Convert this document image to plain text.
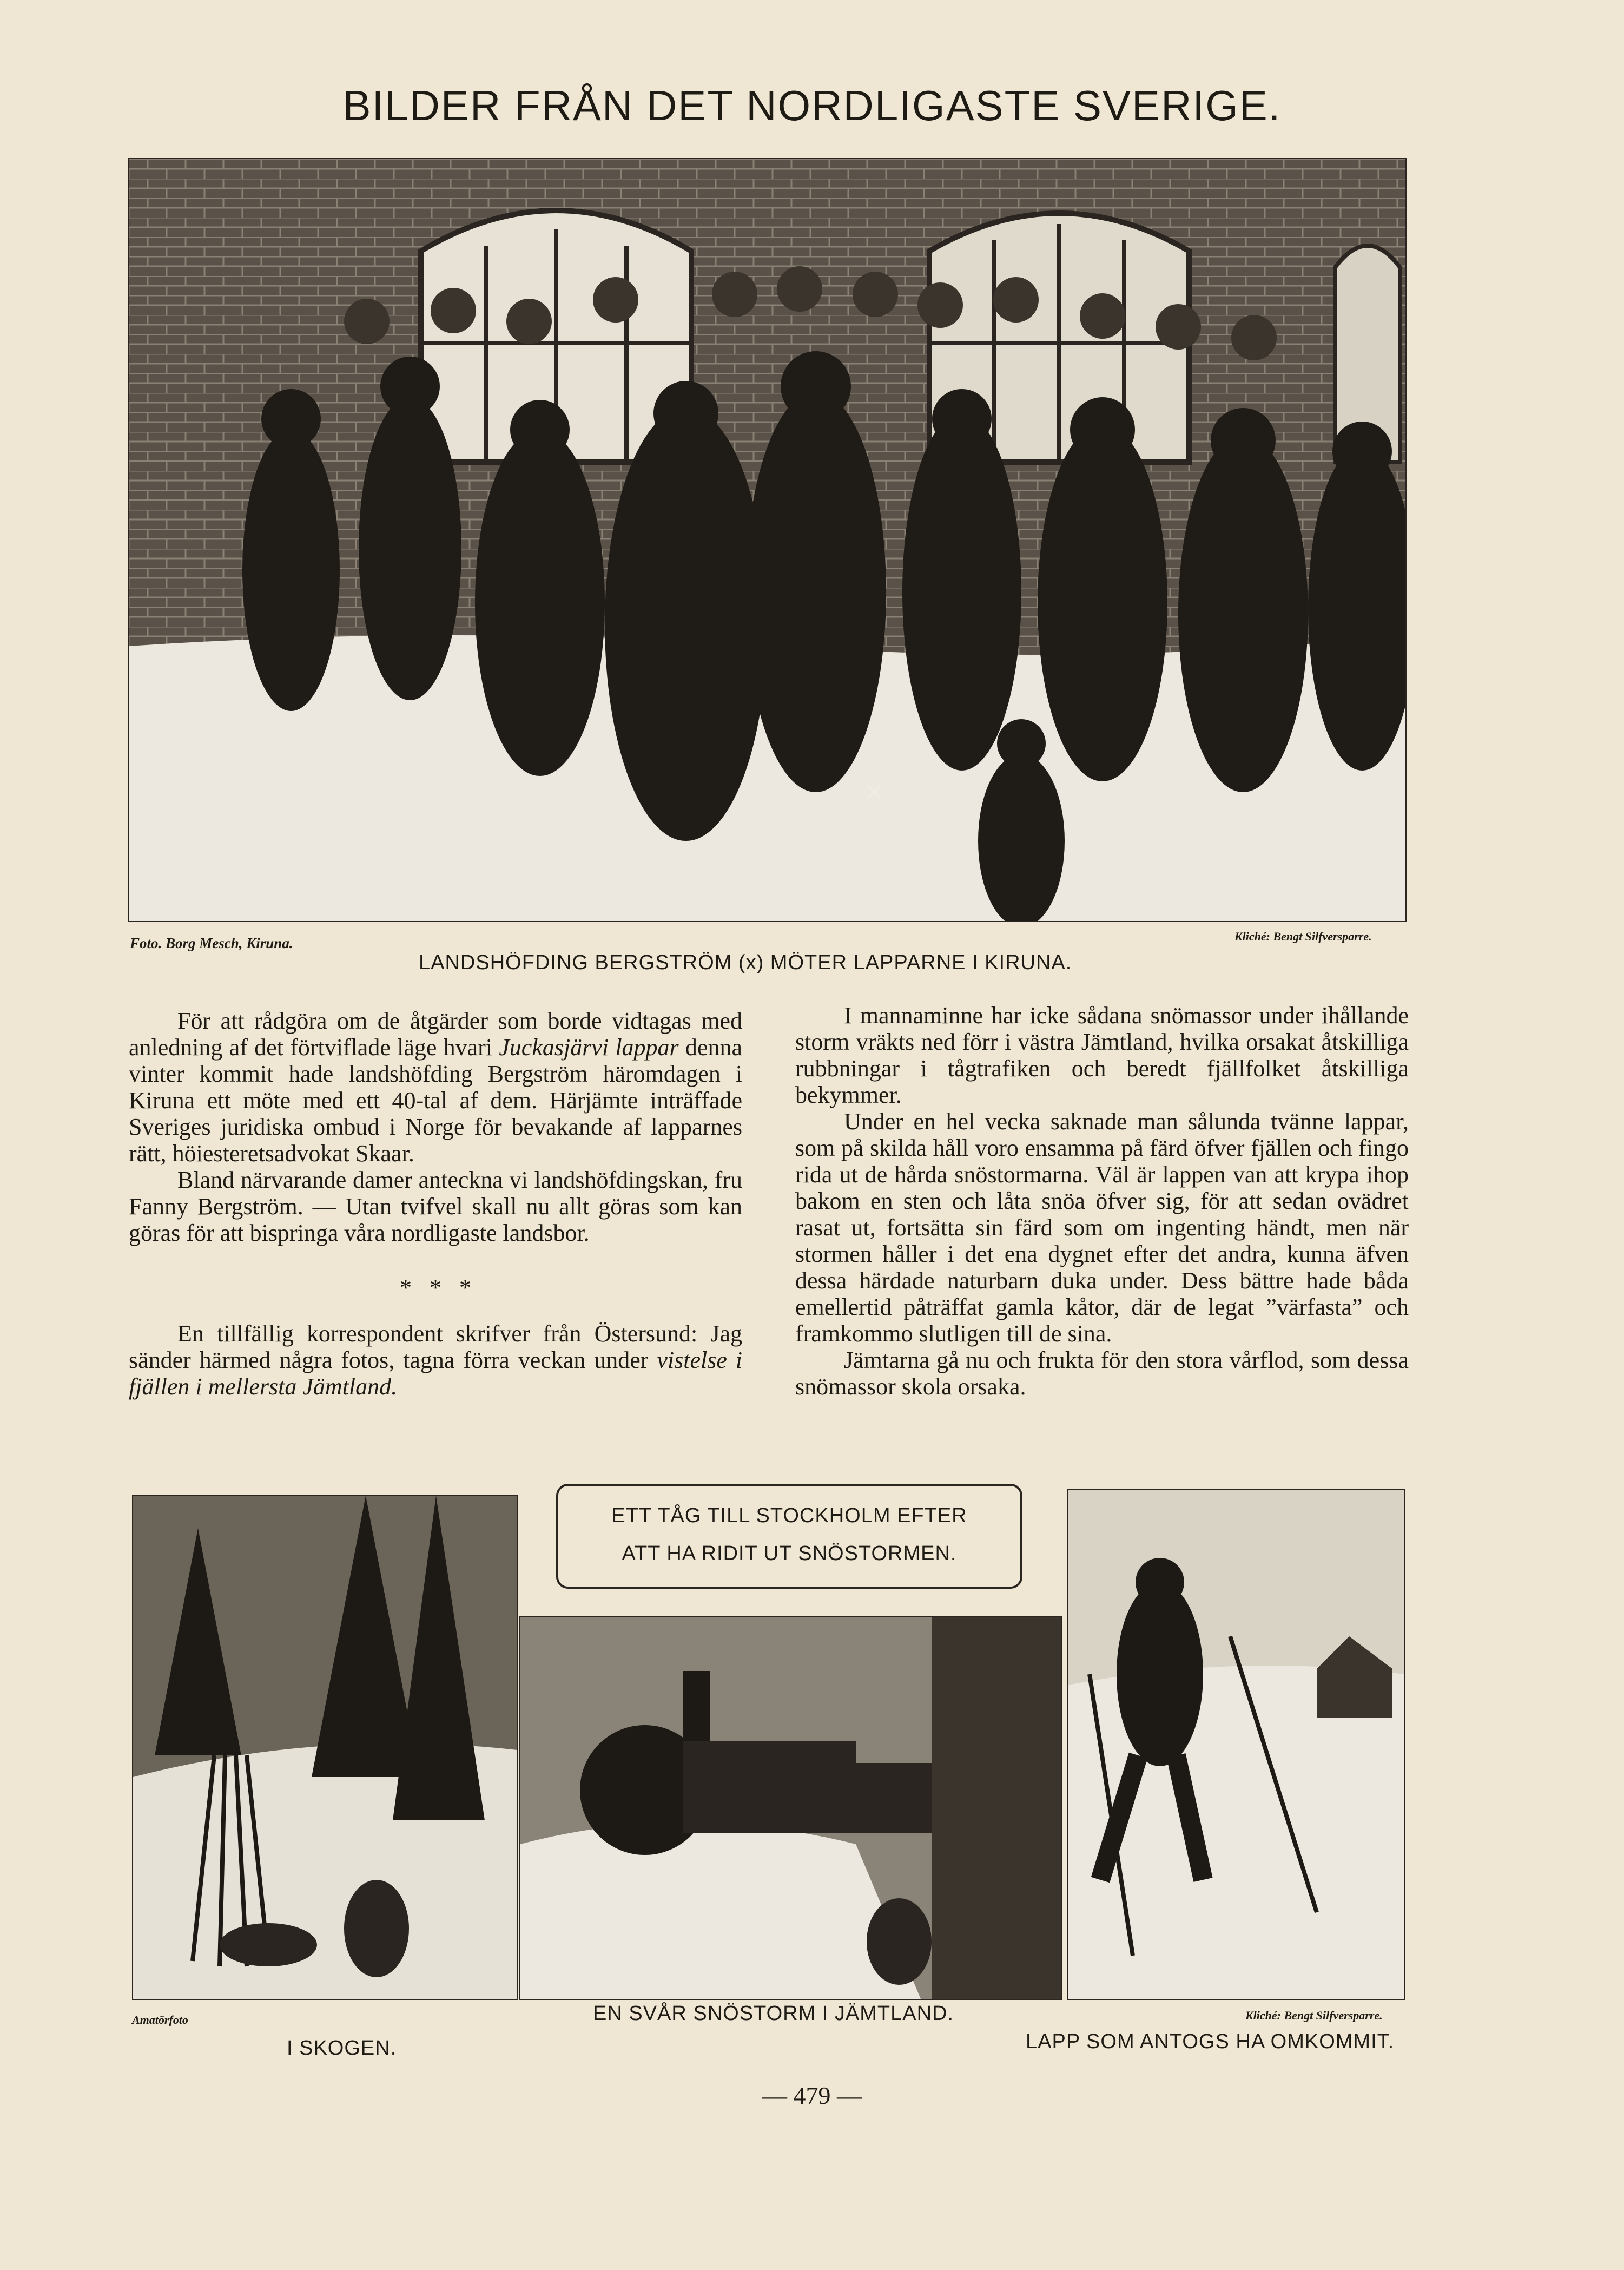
BILDER FRÅN DET NORDLIGASTE SVERIGE.
×
Foto. Borg Mesch, Kiruna.	Kliché: Bengt Silfversparre.
LANDSHÖFDING BERGSTRÖM (x) MÖTER LAPPARNE I KIRUNA.

För att rådgöra om de åtgärder som borde vidtagas med anledning af det förtviflade läge hvari Juckasjärvi lappar denna vinter kommit hade landshöfding Bergström häromdagen i Kiruna ett möte med ett 40-tal af dem. Härjämte inträffade Sveriges juridiska ombud i Norge för bevakande af lapparnes rätt, höiesteretsadvokat Skaar.

Bland närvarande damer anteckna vi landshöfdingskan, fru Fanny Bergström. — Utan tvifvel skall nu allt göras som kan göras för att bispringa våra nordligaste landsbor.

*   *   *

En tillfällig korrespondent skrifver från Östersund: Jag sänder härmed några fotos, tagna förra veckan under vistelse i fjällen i mellersta Jämtland.

I mannaminne har icke sådana snömassor under ihållande storm vräkts ned förr i västra Jämtland, hvilka orsakat åtskilliga rubbningar i tågtrafiken och beredt fjällfolket åtskilliga bekymmer.

Under en hel vecka saknade man sålunda tvänne lappar, som på skilda håll voro ensamma på färd öfver fjällen och fingo rida ut de hårda snöstormarna. Väl är lappen van att krypa ihop bakom en sten och låta snöa öfver sig, för att sedan ovädret rasat ut, fortsätta sin färd som om ingenting händt, men när stormen håller i det ena dygnet efter det andra, kunna äfven dessa härdade naturbarn duka under. Dess bättre hade båda emellertid påträffat gamla kåtor, där de legat ”värfasta” och framkommo slutligen till de sina.

Jämtarna gå nu och frukta för den stora vårflod, som dessa snömassor skola orsaka.

Amatörfoto
I SKOGEN.
ETT TÅG TILL STOCKHOLM EFTER
ATT HA RIDIT UT SNÖSTORMEN.
EN SVÅR SNÖSTORM I JÄMTLAND.	Kliché: Bengt Silfversparre.
LAPP SOM ANTOGS HA OMKOMMIT.
— 479 —
